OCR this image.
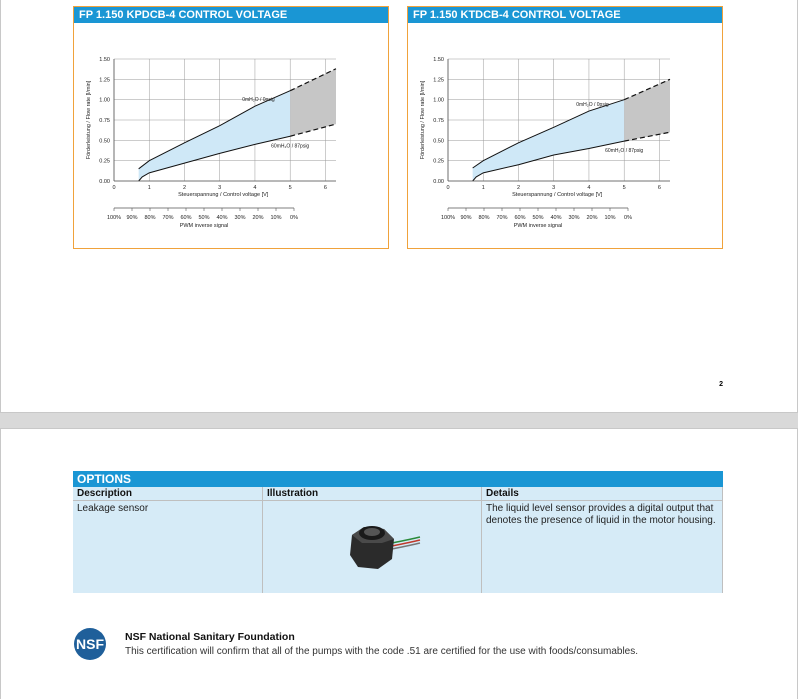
FP 1.150 KPDCB-4 CONTROL VOLTAGE
0.00
0.25
0.50
0.75
1.00
1.25
1.50
0	1	2	3	4	5	6
Steuerspannung / Control voltage [V]
Förderleistung / Flow rate [l/min]	0mH₂O / 0psig
60mH₂O / 87psig
100% 90% 80% 70% 60% 50% 40% 30% 20% 10% 0%
PWM inverse signal
FP 1.150 KTDCB-4 CONTROL VOLTAGE
0.00
0.25
0.50
0.75
1.00
1.25
1.50
0	1	2	3	4	5	6
Steuerspannung / Control voltage [V]
Förderleistung / Flow rate [l/min]	0mH₂O / 0psig
60mH₂O / 87psig
100% 90% 80% 70% 60% 50% 40% 30% 20% 10% 0%
PWM inverse signal
2
OPTIONS		
Description	Illustration	Details
Leakage sensor		The liquid level sensor provides a digital output that denotes the presence of liquid in the motor housing.
NSF NSF National Sanitary Foundation
This certification will confirm that all of the pumps with the code .51 are certified for the use with foods/consumables.
